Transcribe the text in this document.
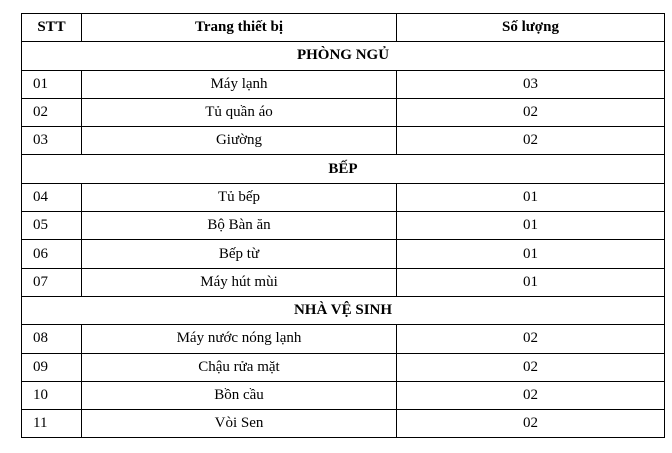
STT	Trang thiết bị	Số lượng
PHÒNG NGỦ		
01	Máy lạnh	03
02	Tủ quần áo	02
03	Giường	02
BẾP		
04	Tủ bếp	01
05	Bộ Bàn ăn	01
06	Bếp từ	01
07	Máy hút mùi	01
NHÀ VỆ SINH		
08	Máy nước nóng lạnh	02
09	Chậu rửa mặt	02
10	Bồn cầu	02
11	Vòi Sen	02
